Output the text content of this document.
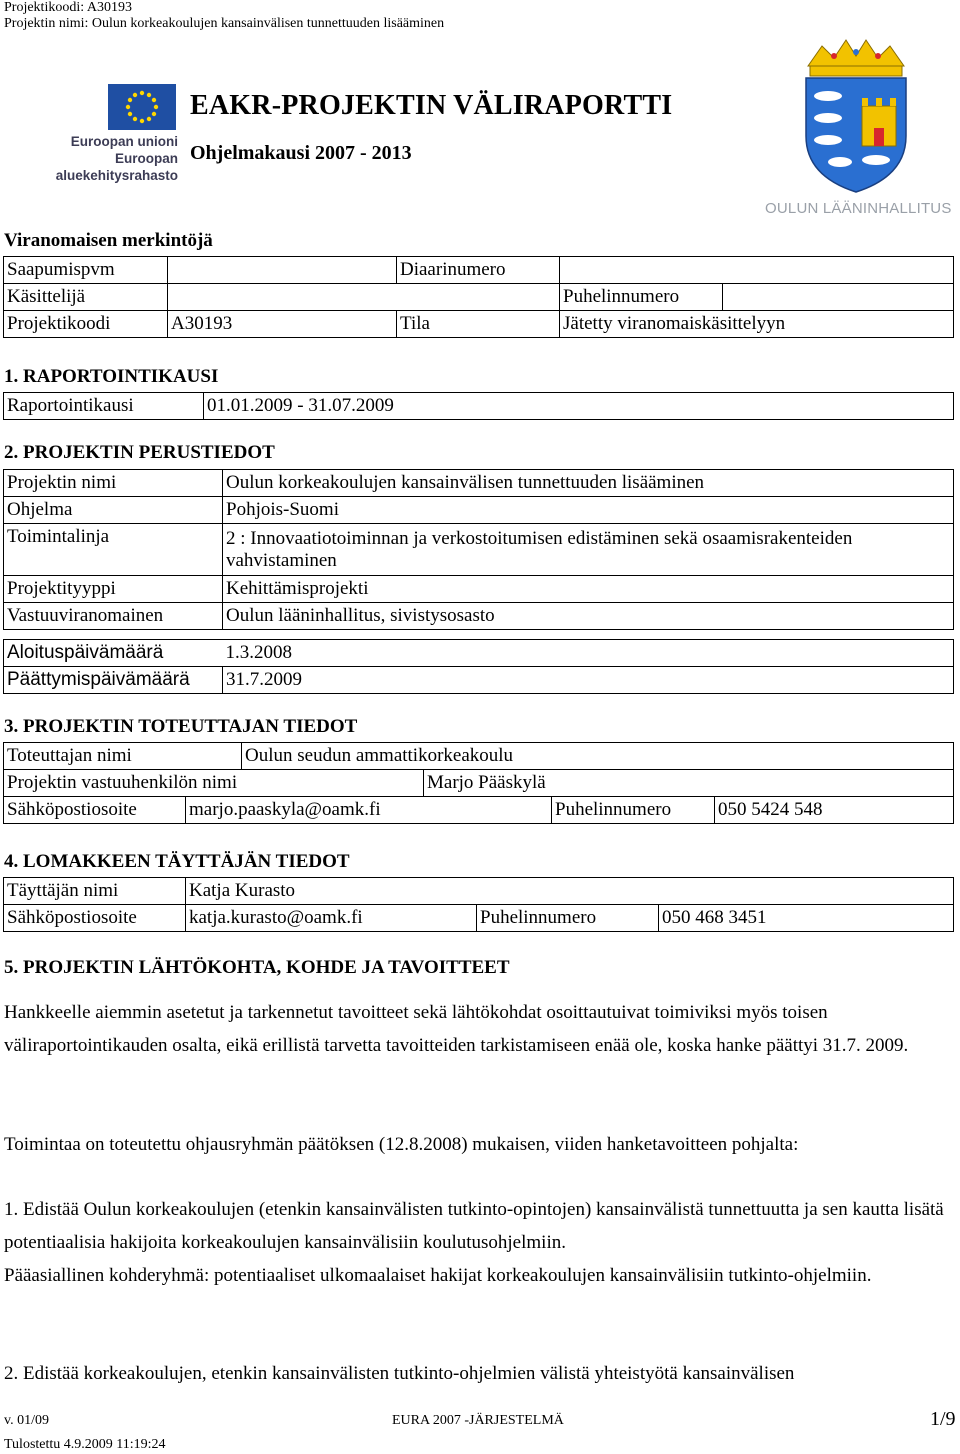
Projektikoodi: A30193
Projektin nimi: Oulun korkeakoulujen kansainvälisen tunnettuuden lisääminen
Euroopan unioni
Euroopan aluekehitysrahasto
EAKR-PROJEKTIN VÄLIRAPORTTI
Ohjelmakausi 2007 - 2013
OULUN LÄÄNINHALLITUS
Viranomaisen merkintöjä
Saapumispvm		Diaarinumero		
Käsittelijä			Puhelinnumero	
Projektikoodi	A30193	Tila	Jätetty viranomaiskäsittelyyn	
1. RAPORTOINTIKAUSI
Raportointikausi	01.01.2009 - 31.07.2009
2. PROJEKTIN PERUSTIEDOT
Projektin nimi	Oulun korkeakoulujen kansainvälisen tunnettuuden lisääminen
Ohjelma	Pohjois-Suomi
Toimintalinja	2 : Innovaatiotoiminnan ja verkostoitumisen edistäminen sekä osaamisrakenteiden vahvistaminen
Projektityyppi	Kehittämisprojekti
Vastuuviranomainen	Oulun lääninhallitus, sivistysosasto
Aloituspäivämäärä	1.3.2008
Päättymispäivämäärä	31.7.2009
3. PROJEKTIN TOTEUTTAJAN TIEDOT
Toteuttajan nimi		Oulun seudun ammattikorkeakoulu			
Projektin vastuuhenkilön nimi			Marjo Pääskylä		
Sähköpostiosoite	marjo.paaskyla@oamk.fi			Puhelinnumero	050 5424 548
4. LOMAKKEEN TÄYTTÄJÄN TIEDOT
Täyttäjän nimi	Katja Kurasto		
Sähköpostiosoite	katja.kurasto@oamk.fi	Puhelinnumero	050 468 3451
5. PROJEKTIN LÄHTÖKOHTA, KOHDE JA TAVOITTEET
Hankkeelle aiemmin asetetut ja tarkennetut tavoitteet sekä lähtökohdat osoittautuivat toimiviksi myös toisen väliraportointikauden osalta, eikä erillistä tarvetta tavoitteiden tarkistamiseen enää ole, koska hanke päättyi 31.7. 2009.
Toimintaa on toteutettu ohjausryhmän päätöksen (12.8.2008) mukaisen, viiden hanketavoitteen pohjalta:
1. Edistää Oulun korkeakoulujen (etenkin kansainvälisten tutkinto-opintojen) kansainvälistä tunnettuutta ja sen kautta lisätä potentiaalisia hakijoita korkeakoulujen kansainvälisiin koulutusohjelmiin.
Pääasiallinen kohderyhmä: potentiaaliset ulkomaalaiset hakijat korkeakoulujen kansainvälisiin tutkinto-ohjelmiin.
2. Edistää korkeakoulujen, etenkin kansainvälisten tutkinto-ohjelmien välistä yhteistyötä kansainvälisen
v. 01/09	EURA 2007 -JÄRJESTELMÄ	1/9
Tulostettu 4.9.2009 11:19:24
